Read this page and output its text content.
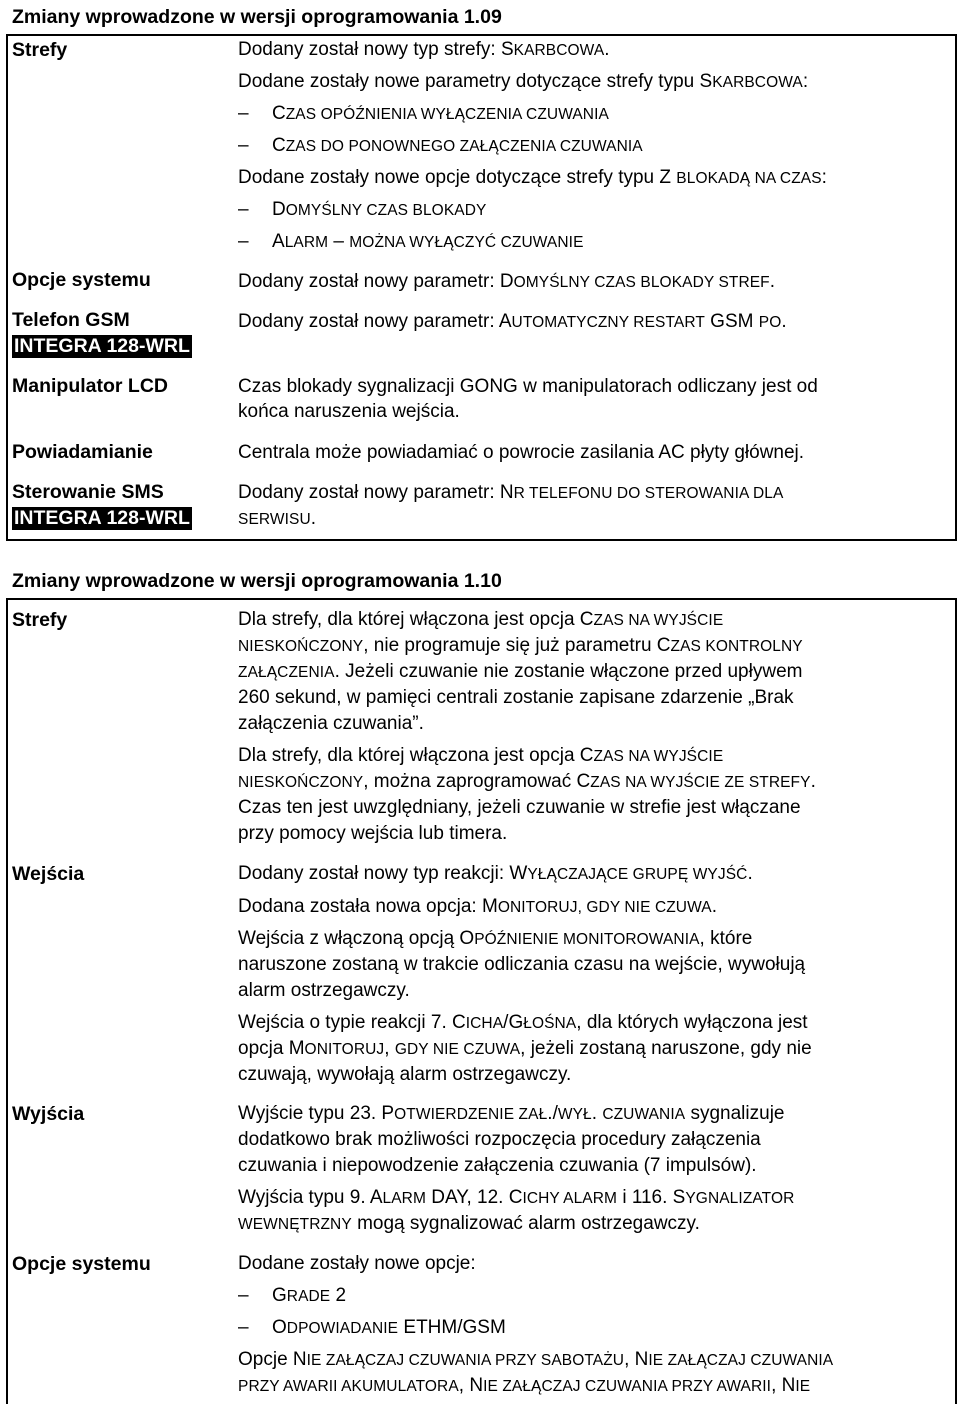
Zmiany wprowadzone w wersji oprogramowania 1.09
Strefy
Opcje systemu
Telefon GSM
INTEGRA 128-WRL
Manipulator LCD
Powiadamianie
Sterowanie SMS
INTEGRA 128-WRL
Dodany został nowy typ strefy: SKARBCOWA.
Dodane zostały nowe parametry dotyczące strefy typu SKARBCOWA:
– CZAS OPÓŹNIENIA WYŁĄCZENIA CZUWANIA
– CZAS DO PONOWNEGO ZAŁĄCZENIA CZUWANIA
Dodane zostały nowe opcje dotyczące strefy typu Z BLOKADĄ NA CZAS:
– DOMYŚLNY CZAS BLOKADY
– ALARM – MOŻNA WYŁĄCZYĆ CZUWANIE
Dodany został nowy parametr: DOMYŚLNY CZAS BLOKADY STREF.
Dodany został nowy parametr: AUTOMATYCZNY RESTART GSM PO.
Czas blokady sygnalizacji GONG w manipulatorach odliczany jest od
końca naruszenia wejścia.
Centrala może powiadamiać o powrocie zasilania AC płyty głównej.
Dodany został nowy parametr: NR TELEFONU DO STEROWANIA DLA
SERWISU.
Zmiany wprowadzone w wersji oprogramowania 1.10
Strefy
Wejścia
Wyjścia
Opcje systemu
Dla strefy, dla której włączona jest opcja CZAS NA WYJŚCIE
NIESKOŃCZONY, nie programuje się już parametru CZAS KONTROLNY
ZAŁĄCZENIA. Jeżeli czuwanie nie zostanie włączone przed upływem
260 sekund, w pamięci centrali zostanie zapisane zdarzenie „Brak
załączenia czuwania”.
Dla strefy, dla której włączona jest opcja CZAS NA WYJŚCIE
NIESKOŃCZONY, można zaprogramować CZAS NA WYJŚCIE ZE STREFY.
Czas ten jest uwzględniany, jeżeli czuwanie w strefie jest włączane
przy pomocy wejścia lub timera.
Dodany został nowy typ reakcji: WYŁĄCZAJĄCE GRUPĘ WYJŚĆ.
Dodana została nowa opcja: MONITORUJ, GDY NIE CZUWA.
Wejścia z włączoną opcją OPÓŹNIENIE MONITOROWANIA, które
naruszone zostaną w trakcie odliczania czasu na wejście, wywołują
alarm ostrzegawczy.
Wejścia o typie reakcji 7. CICHA/GŁOŚNA, dla których wyłączona jest
opcja MONITORUJ, GDY NIE CZUWA, jeżeli zostaną naruszone, gdy nie
czuwają, wywołają alarm ostrzegawczy.
Wyjście typu 23. POTWIERDZENIE ZAŁ./WYŁ. CZUWANIA sygnalizuje
dodatkowo brak możliwości rozpoczęcia procedury załączenia
czuwania i niepowodzenie załączenia czuwania (7 impulsów).
Wyjścia typu 9. ALARM DAY, 12. CICHY ALARM i 116. SYGNALIZATOR
WEWNĘTRZNY mogą sygnalizować alarm ostrzegawczy.
Dodane zostały nowe opcje:
– GRADE 2
– ODPOWIADANIE ETHM/GSM
Opcje NIE ZAŁĄCZAJ CZUWANIA PRZY SABOTAŻU, NIE ZAŁĄCZAJ CZUWANIA
PRZY AWARII AKUMULATORA, NIE ZAŁĄCZAJ CZUWANIA PRZY AWARII, NIE
